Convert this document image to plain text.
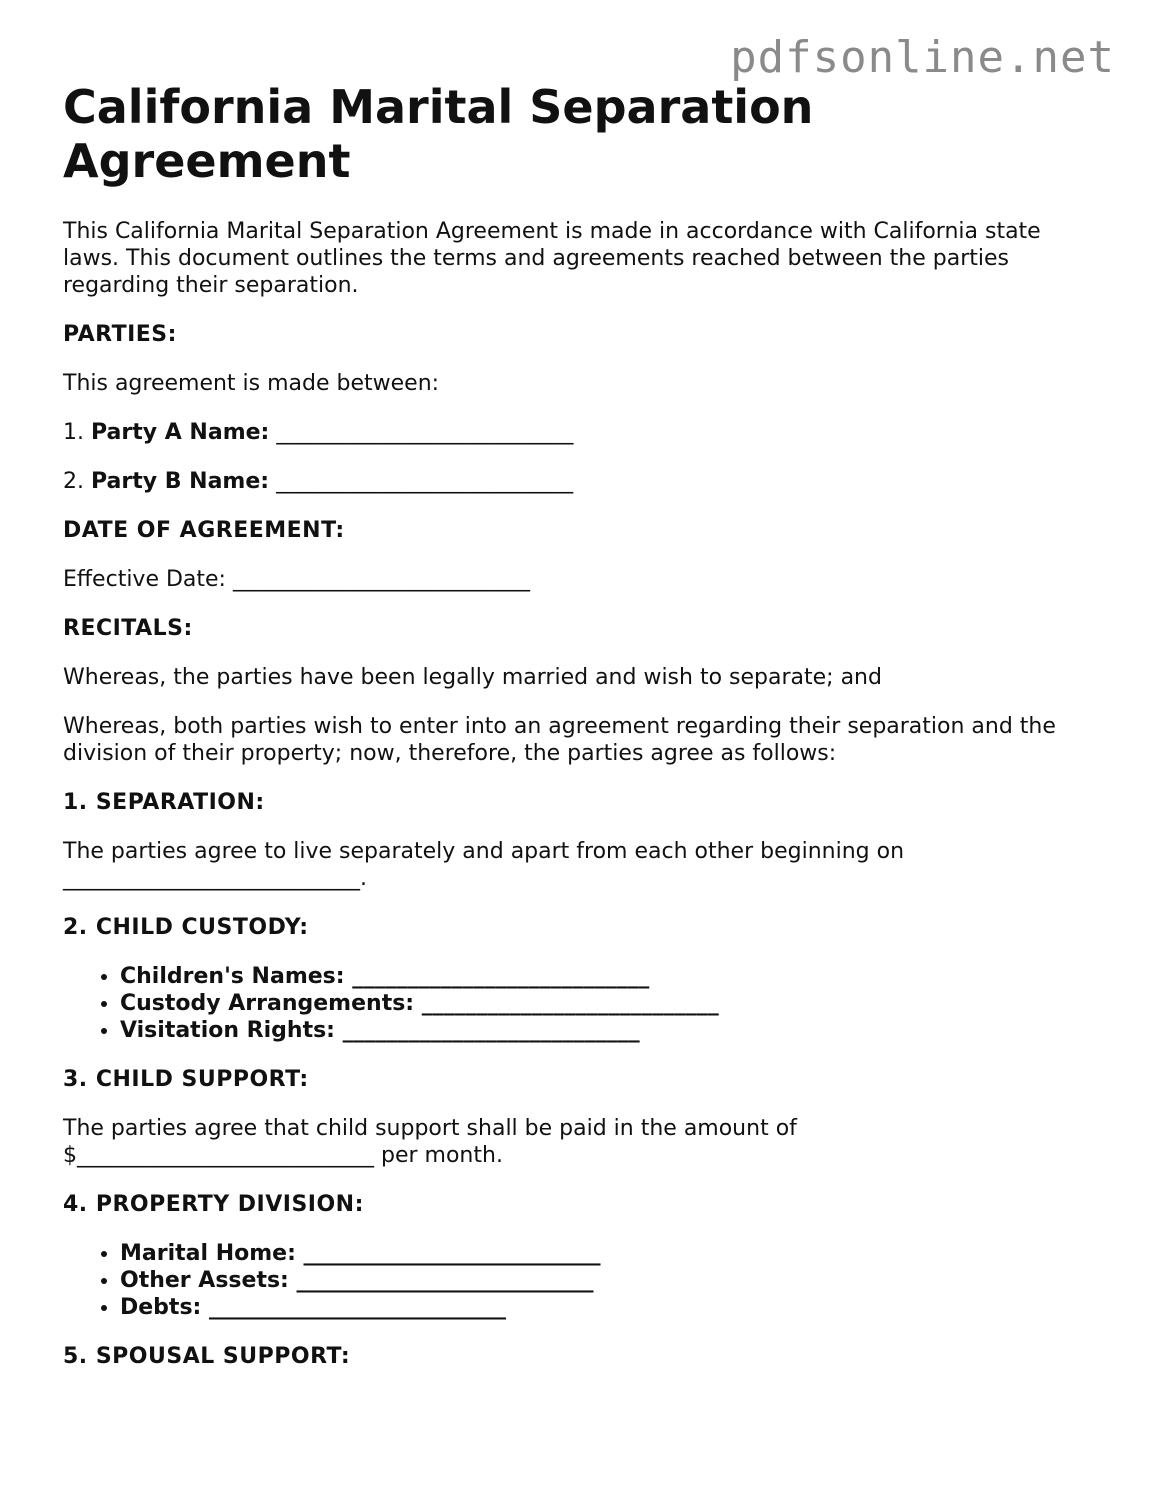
pdfsonline.net
California Marital Separation Agreement

This California Marital Separation Agreement is made in accordance with California state laws. This document outlines the terms and agreements reached between the parties regarding their separation.

PARTIES:

This agreement is made between:

1. Party A Name: ___________________________

2. Party B Name: ___________________________

DATE OF AGREEMENT:

Effective Date: ___________________________

RECITALS:

Whereas, the parties have been legally married and wish to separate; and

Whereas, both parties wish to enter into an agreement regarding their separation and the division of their property; now, therefore, the parties agree as follows:

1. SEPARATION:

The parties agree to live separately and apart from each other beginning on
___________________________.

2. CHILD CUSTODY:

• Children's Names: ___________________________
• Custody Arrangements: ___________________________
• Visitation Rights: ___________________________

3. CHILD SUPPORT:

The parties agree that child support shall be paid in the amount of
$___________________________ per month.

4. PROPERTY DIVISION:

• Marital Home: ___________________________
• Other Assets: ___________________________
• Debts: ___________________________

5. SPOUSAL SUPPORT:
